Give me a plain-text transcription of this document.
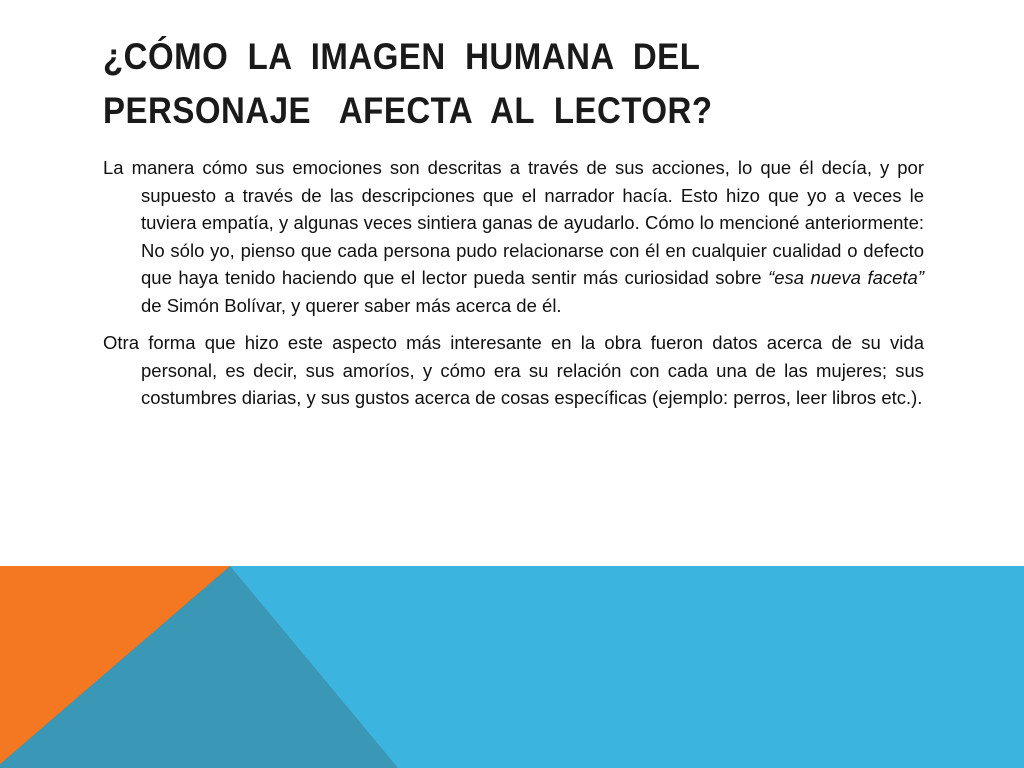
¿CÓMO  LA  IMAGEN  HUMANA  DEL PERSONAJE   AFECTA  AL  LECTOR?

La manera cómo sus emociones son descritas a través de sus acciones, lo que él decía, y por supuesto a través de las descripciones que el narrador hacía. Esto hizo que yo a veces le tuviera empatía, y algunas veces sintiera ganas de ayudarlo. Cómo lo mencioné anteriormente: No sólo yo, pienso que cada persona pudo relacionarse con él en cualquier cualidad o defecto que haya tenido haciendo que el lector pueda sentir más curiosidad sobre “esa nueva faceta” de Simón Bolívar, y querer saber más acerca de él.

Otra forma que hizo este aspecto más interesante en la obra fueron datos acerca de su vida personal, es decir, sus amoríos, y cómo era su relación con cada una de las mujeres; sus costumbres diarias, y sus gustos acerca de cosas específicas (ejemplo: perros, leer libros etc.).
